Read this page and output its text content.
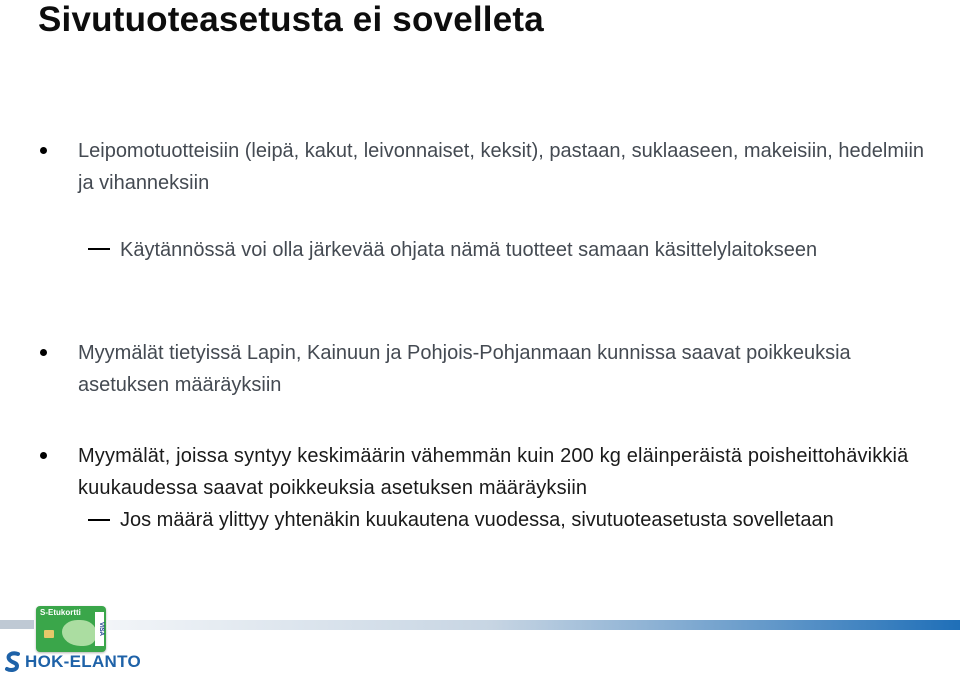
Sivutuoteasetusta ei sovelleta
Leipomotuotteisiin (leipä, kakut, leivonnaiset, keksit), pastaan, suklaaseen, makeisiin, hedelmiin ja vihanneksiin
Käytännössä voi olla järkevää ohjata nämä tuotteet samaan käsittelylaitokseen
Myymälät tietyissä Lapin, Kainuun ja Pohjois-Pohjanmaan kunnissa saavat poikkeuksia asetuksen määräyksiin
Myymälät, joissa syntyy keskimäärin vähemmän kuin 200 kg eläinperäistä poisheittohävikkiä kuukaudessa saavat poikkeuksia asetuksen määräyksiin
Jos määrä ylittyy yhtenäkin kuukautena vuodessa, sivutuoteasetusta sovelletaan
S-Etukortti
VISA
HOK-ELANTO
